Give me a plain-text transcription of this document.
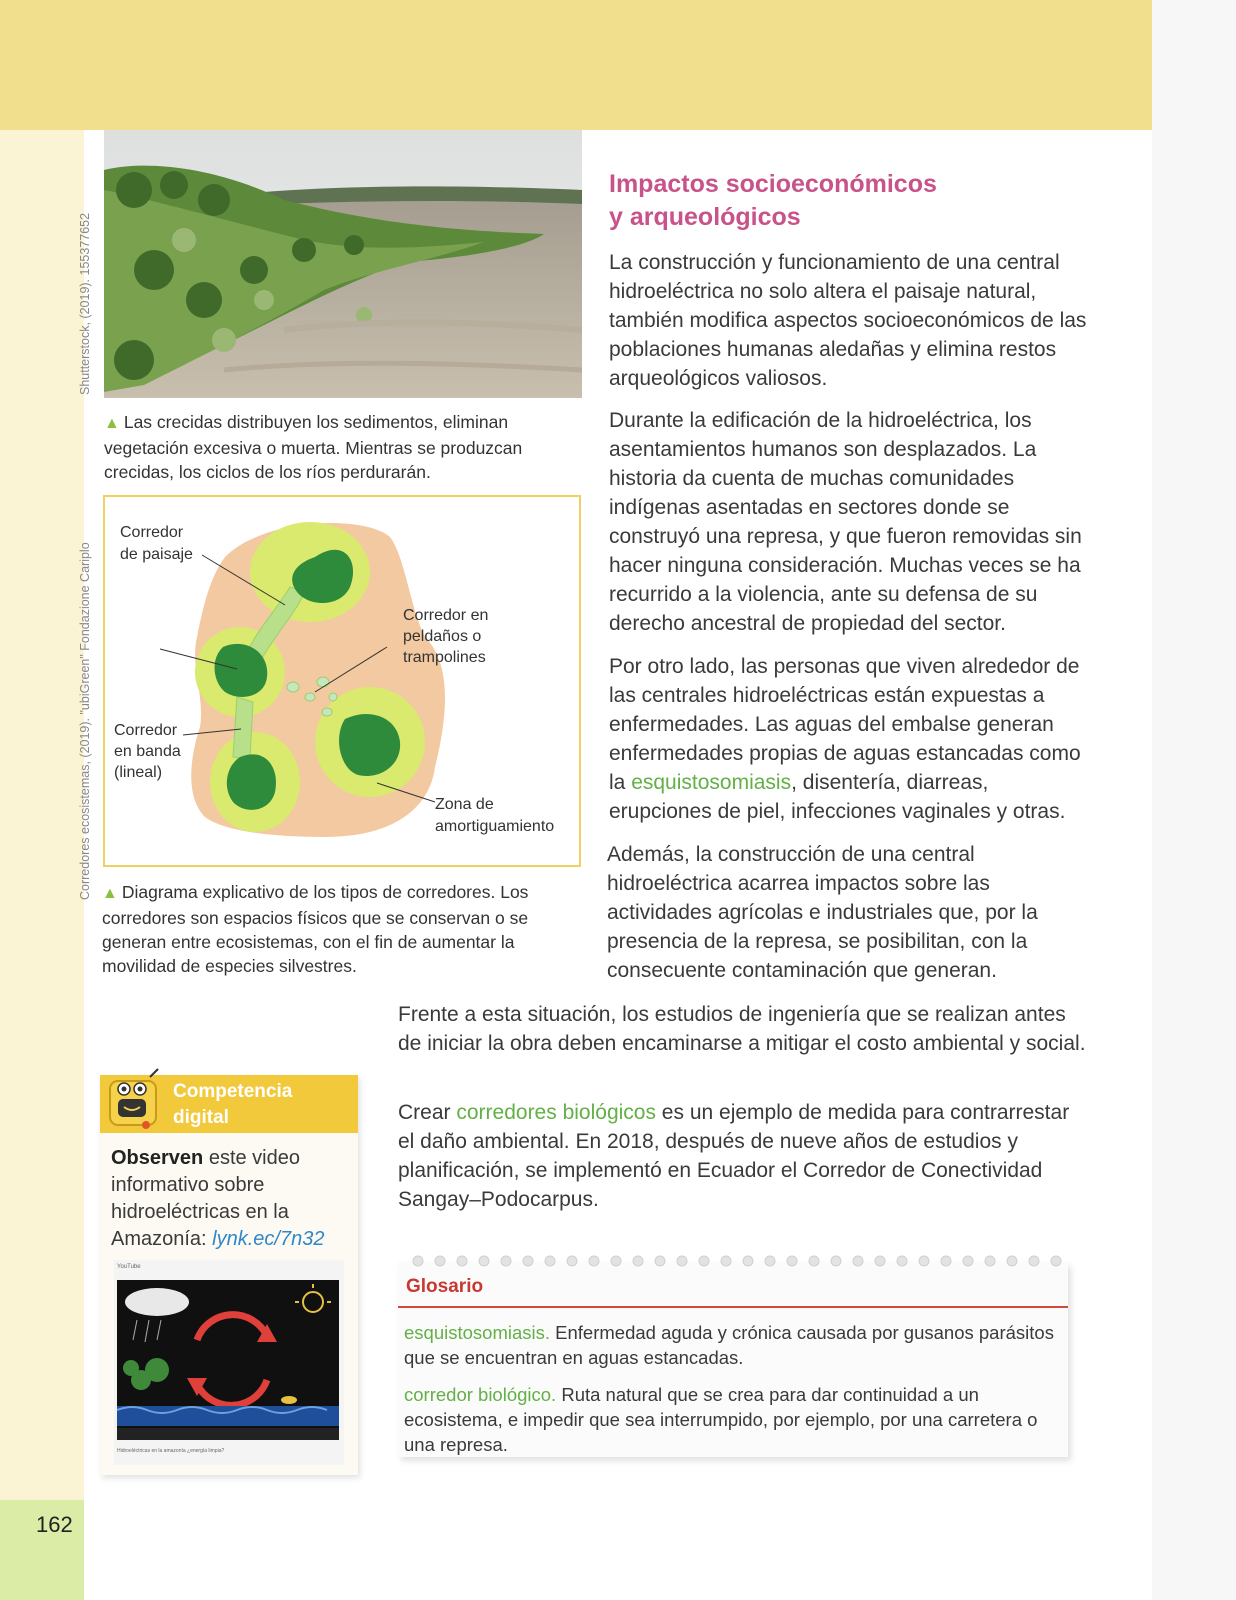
162
Shutterstock, (2019). 155377652
Corredores ecosistemas, (2019). "ubiGreen" Fondazione Cariplo
▲ Las crecidas distribuyen los sedimentos, eliminan vegetación excesiva o muerta. Mientras se produzcan crecidas, los ciclos de los ríos perdurarán.
Corredor
de paisaje
Corredor
en banda
(lineal)
Corredor en
peldaños o
trampolines
Zona de
amortiguamiento
▲ Diagrama explicativo de los tipos de corredores. Los corredores son espacios físicos que se conservan o se generan entre ecosistemas, con el fin de aumentar la movilidad de especies silvestres.
Impactos socioeconómicos
y arqueológicos
La construcción y funcionamiento de una central hidroeléctrica no solo altera el paisaje natural, también modifica aspectos socioeconómicos de las poblaciones humanas aledañas y elimina restos arqueológicos valiosos.
Durante la edificación de la hidroeléctrica, los asentamientos humanos son desplazados. La historia da cuenta de muchas comunidades indígenas asentadas en sectores donde se construyó una represa, y que fueron removidas sin hacer ninguna consideración. Muchas veces se ha recurrido a la violencia, ante su defensa de su derecho ancestral de propiedad del sector.
Por otro lado, las personas que viven alrededor de las centrales hidroeléctricas están expuestas a enfermedades. Las aguas del embalse generan enfermedades propias de aguas estancadas como la esquistosomiasis, disentería, diarreas, erupciones de piel, infecciones vaginales y otras.
Además, la construcción de una central hidroeléctrica acarrea impactos sobre las actividades agrícolas e industriales que, por la presencia de la represa, se posibilitan, con la consecuente contaminación que generan.
Frente a esta situación, los estudios de ingeniería que se realizan antes de iniciar la obra deben encaminarse a mitigar el costo ambiental y social.
Crear corredores biológicos es un ejemplo de medida para contrarrestar el daño ambiental. En 2018, después de nueve años de estudios y planificación, se implementó en Ecuador el Corredor de Conectividad Sangay–Podocarpus.
Competencia
digital
Observen este video informativo sobre hidroeléctricas en la Amazonía: lynk.ec/7n32
YouTube
Hidroeléctricas en la amazonía ¿energía limpia?
Glosario
esquistosomiasis. Enfermedad aguda y crónica causada por gusanos parásitos que se encuentran en aguas estancadas.
corredor biológico. Ruta natural que se crea para dar continuidad a un ecosistema, e impedir que sea interrumpido, por ejemplo, por una carretera o una represa.
